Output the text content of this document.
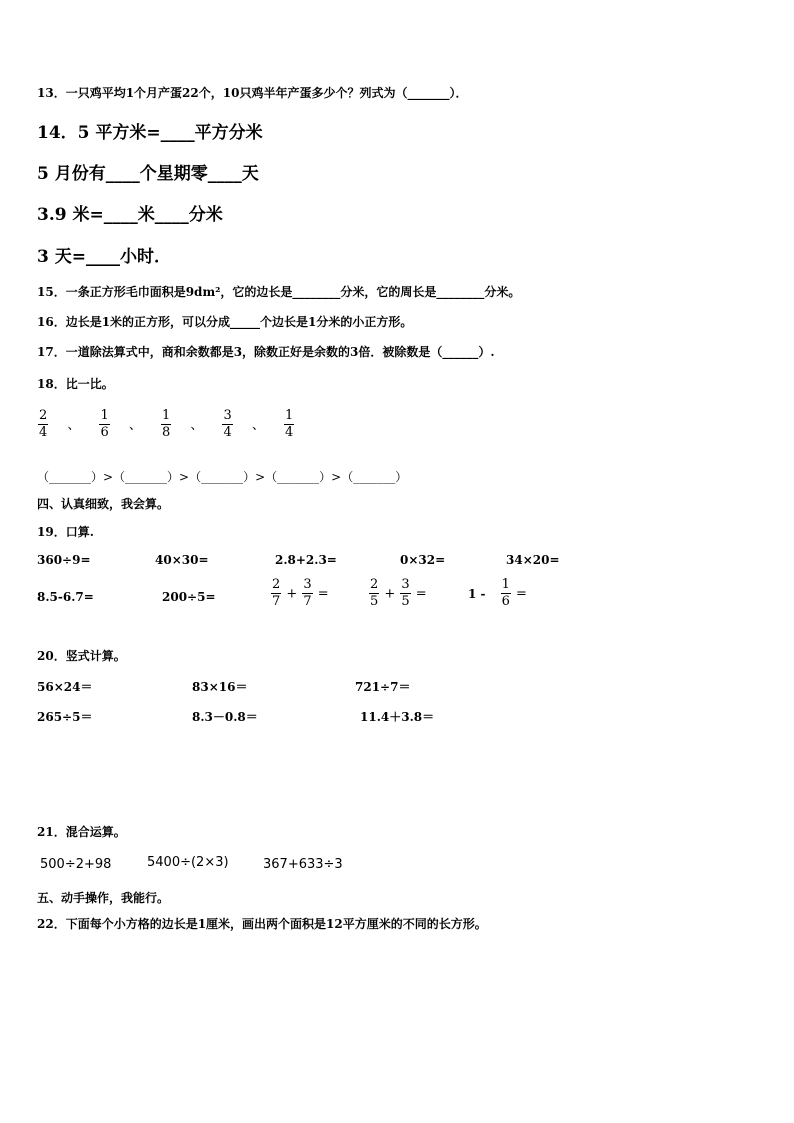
13．一只鸡平均1个月产蛋22个，10只鸡半年产蛋多少个？列式为（_______）．
14．5 平方米=____平方分米
5 月份有____个星期零____天
3.9 米=____米____分米
3 天=____小时．
15．一条正方形毛巾面积是9dm²，它的边长是________分米，它的周长是________分米。
16．边长是1米的正方形，可以分成_____个边长是1分米的小正方形。
17．一道除法算式中，商和余数都是3，除数正好是余数的3倍．被除数是（______）.
18．比一比。
$\frac{2}{4}$ 、 $\frac{1}{6}$ 、 $\frac{1}{8}$ 、 $\frac{3}{4}$ 、 $\frac{1}{4}$
（_______）>（_______）>（_______）>（_______）>（_______）
四、认真细致，我会算。
19．口算.
360÷9=	40×30=	2.8+2.3=	0×32=	34×20=
8.5-6.7=	200÷5=	$\frac{2}{7} + \frac{3}{7}$ =	$\frac{2}{5} + \frac{3}{5}$ =	$1 - \frac{1}{6}$ =
20．竖式计算。
56×24＝	83×16＝	721÷7＝
265÷5＝	8.3－0.8＝	11.4＋3.8＝
21．混合运算。
500÷2+98	5400÷(2×3)	367+633÷3
五、动手操作，我能行。
22．下面每个小方格的边长是1厘米，画出两个面积是12平方厘米的不同的长方形。
